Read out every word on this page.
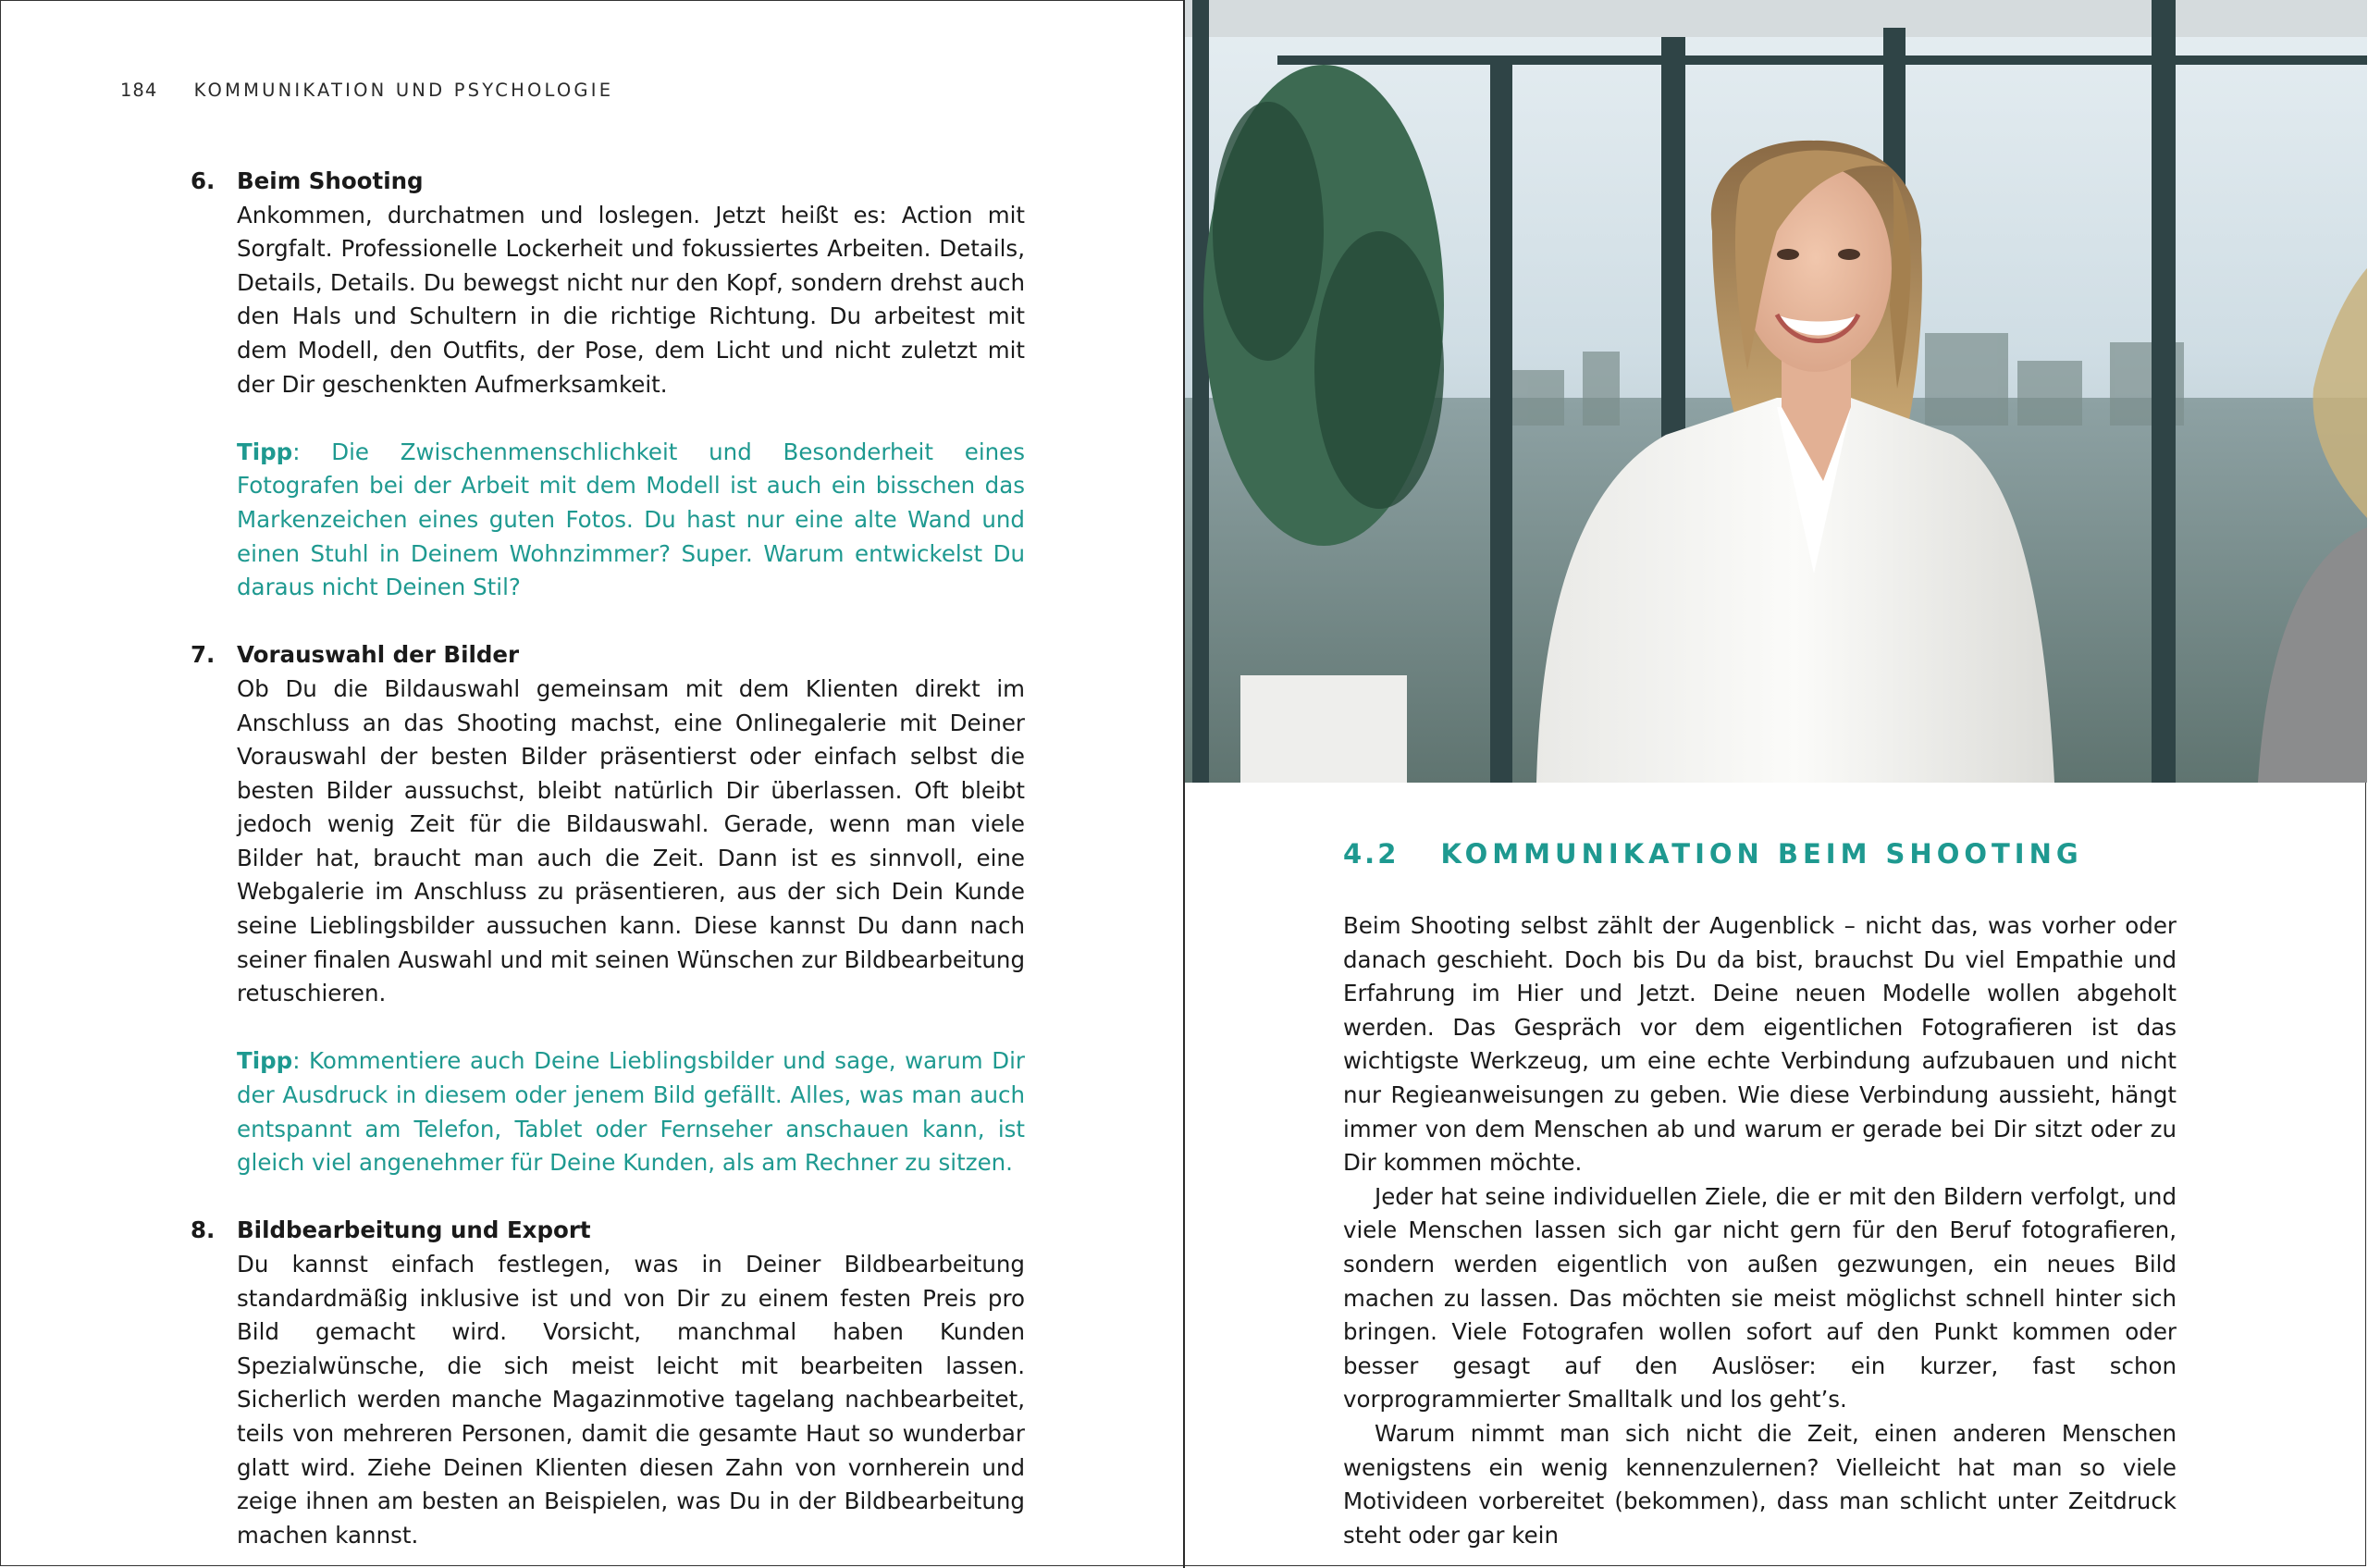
184 KOMMUNIKATION UND PSYCHOLOGIE
6. Beim Shooting

Ankommen, durchatmen und loslegen. Jetzt heißt es: Action mit Sorgfalt. Professionelle Lockerheit und fokussiertes Arbeiten. Details, Details, Details. Du bewegst nicht nur den Kopf, sondern drehst auch den Hals und Schultern in die richtige Richtung. Du arbeitest mit dem Modell, den Outfits, der Pose, dem Licht und nicht zuletzt mit der Dir geschenkten Aufmerksamkeit.

Tipp: Die Zwischenmenschlichkeit und Besonderheit eines Fotografen bei der Arbeit mit dem Modell ist auch ein bisschen das Markenzeichen eines guten Fotos. Du hast nur eine alte Wand und einen Stuhl in Deinem Wohnzimmer? Super. Warum entwickelst Du daraus nicht Deinen Stil?

7. Vorauswahl der Bilder

Ob Du die Bildauswahl gemeinsam mit dem Klienten direkt im Anschluss an das Shooting machst, eine Onlinegalerie mit Deiner Vorauswahl der besten Bilder präsentierst oder einfach selbst die besten Bilder aussuchst, bleibt natürlich Dir überlassen. Oft bleibt jedoch wenig Zeit für die Bildauswahl. Gerade, wenn man viele Bilder hat, braucht man auch die Zeit. Dann ist es sinnvoll, eine Webgalerie im Anschluss zu präsentieren, aus der sich Dein Kunde seine Lieblingsbilder aussuchen kann. Diese kannst Du dann nach seiner finalen Auswahl und mit seinen Wünschen zur Bildbearbeitung retuschieren.

Tipp: Kommentiere auch Deine Lieblingsbilder und sage, warum Dir der Ausdruck in diesem oder jenem Bild gefällt. Alles, was man auch entspannt am Telefon, Tablet oder Fernseher anschauen kann, ist gleich viel angenehmer für Deine Kunden, als am Rechner zu sitzen.

8. Bildbearbeitung und Export

Du kannst einfach festlegen, was in Deiner Bildbearbeitung standardmäßig inklusive ist und von Dir zu einem festen Preis pro Bild gemacht wird. Vorsicht, manchmal haben Kunden Spezialwünsche, die sich meist leicht mit bearbeiten lassen. Sicherlich werden manche Magazinmotive tagelang nachbearbeitet, teils von mehreren Personen, damit die gesamte Haut so wunderbar glatt wird. Ziehe Deinen Klienten diesen Zahn von vornherein und zeige ihnen am besten an Beispielen, was Du in der Bildbearbeitung machen kannst.

4.2 KOMMUNIKATION BEIM SHOOTING

Beim Shooting selbst zählt der Augenblick – nicht das, was vorher oder danach geschieht. Doch bis Du da bist, brauchst Du viel Empathie und Erfahrung im Hier und Jetzt. Deine neuen Modelle wollen abgeholt werden. Das Gespräch vor dem eigentlichen Fotografieren ist das wichtigste Werkzeug, um eine echte Verbindung aufzubauen und nicht nur Regieanweisungen zu geben. Wie diese Verbindung aussieht, hängt immer von dem Menschen ab und warum er gerade bei Dir sitzt oder zu Dir kommen möchte.

Jeder hat seine individuellen Ziele, die er mit den Bildern verfolgt, und viele Menschen lassen sich gar nicht gern für den Beruf fotografieren, sondern werden eigentlich von außen gezwungen, ein neues Bild machen zu lassen. Das möchten sie meist möglichst schnell hinter sich bringen. Viele Fotografen wollen sofort auf den Punkt kommen oder besser gesagt auf den Auslöser: ein kurzer, fast schon vorprogrammierter Smalltalk und los geht’s.

Warum nimmt man sich nicht die Zeit, einen anderen Menschen wenigstens ein wenig kennenzulernen? Vielleicht hat man so viele Motivideen vorbereitet (bekommen), dass man schlicht unter Zeitdruck steht oder gar kein
